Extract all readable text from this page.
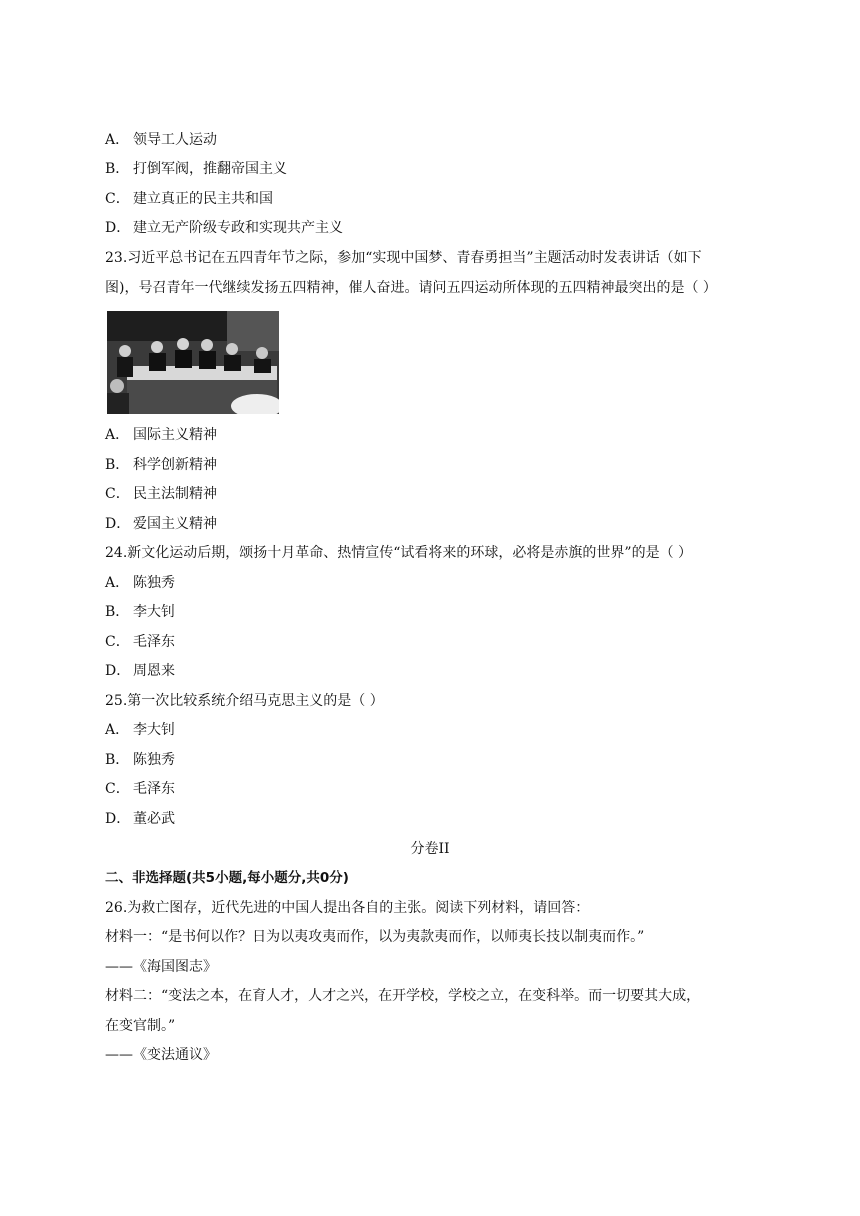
A． 领导工人运动
B． 打倒军阀，推翻帝国主义
C． 建立真正的民主共和国
D． 建立无产阶级专政和实现共产主义
23.习近平总书记在五四青年节之际，参加“实现中国梦、青春勇担当”主题活动时发表讲话（如下
图)，号召青年一代继续发扬五四精神，催人奋进。请问五四运动所体现的五四精神最突出的是（ ）
A． 国际主义精神
B． 科学创新精神
C． 民主法制精神
D． 爱国主义精神
24.新文化运动后期，颂扬十月革命、热情宣传“试看将来的环球，必将是赤旗的世界”的是（ ）
A． 陈独秀
B． 李大钊
C． 毛泽东
D． 周恩来
25.第一次比较系统介绍马克思主义的是（ ）
A． 李大钊
B． 陈独秀
C． 毛泽东
D． 董必武
分卷II
二、非选择题(共5小题,每小题分,共0分)
26.为救亡图存，近代先进的中国人提出各自的主张。阅读下列材料，请回答：
材料一：“是书何以作？日为以夷攻夷而作，以为夷款夷而作，以师夷长技以制夷而作。”
——《海国图志》
材料二：“变法之本，在育人才，人才之兴，在开学校，学校之立，在变科举。而一切要其大成，
在变官制。”
——《变法通议》
